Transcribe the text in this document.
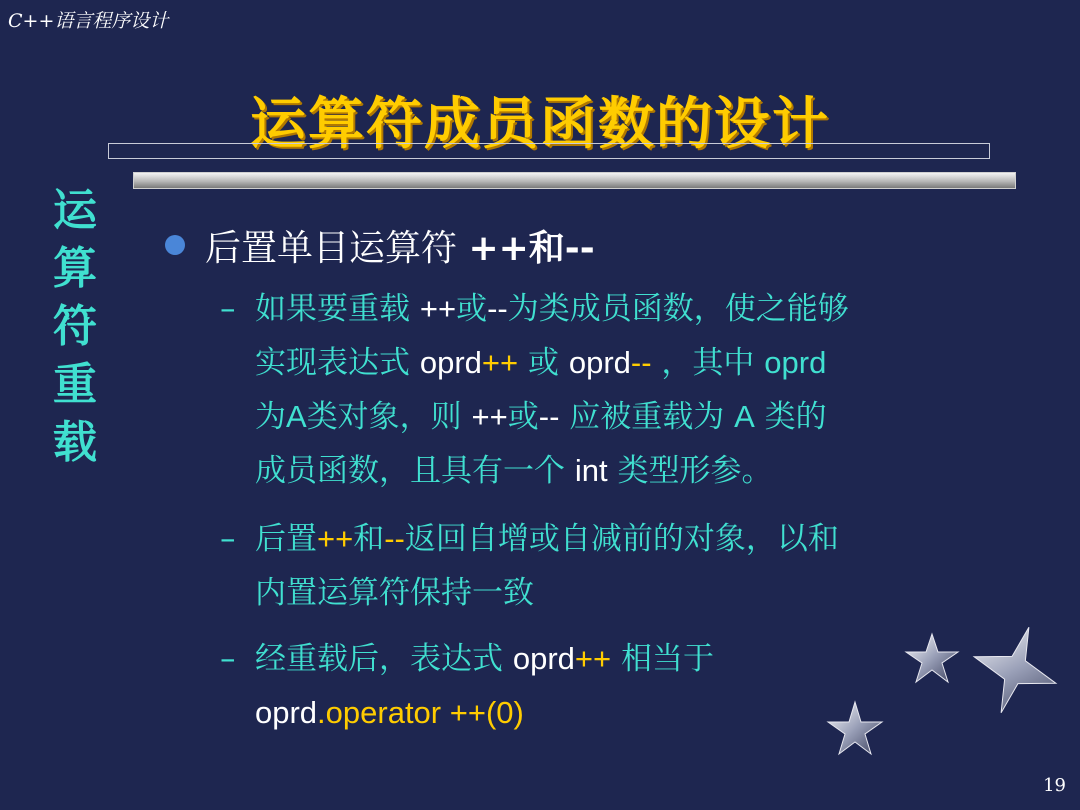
C++语言程序设计
运算符成员函数的设计
运
算
符
重
载
后置单目运算符 ++和--
– 如果要重载 ++或--为类成员函数，使之能够
实现表达式 oprd++ 或 oprd-- ，其中 oprd
为A类对象，则 ++或-- 应被重载为 A 类的
成员函数，且具有一个 int 类型形参。
– 后置++和--返回自增或自减前的对象，以和
内置运算符保持一致
– 经重载后，表达式 oprd++ 相当于
oprd.operator ++(0)
19
